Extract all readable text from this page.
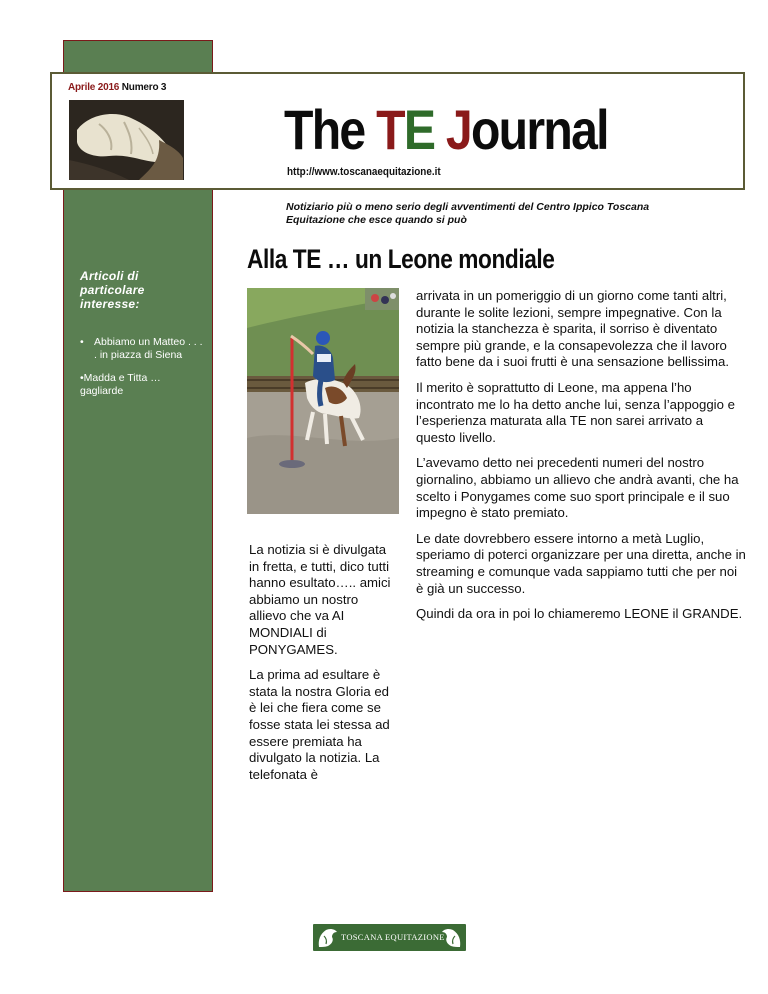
Aprile 2016 Numero 3
The TE Journal
http://www.toscanaequitazione.it
Notiziario più o meno serio degli avventimenti del Centro Ippico Toscana Equitazione che esce quando si può
Articoli di particolare interesse:
• Abbiamo un Matteo . . . . in piazza di Siena
•Madda e Titta … gagliarde
Alla TE … un Leone mondiale

La notizia si è divulgata in fretta, e tutti, dico tutti hanno esultato….. amici abbiamo un nostro allievo che va AI MONDIALI di PONYGAMES.

La prima ad esultare è stata la nostra Gloria ed è lei che fiera come se fosse stata lei stessa ad essere premiata ha divulgato la notizia. La telefonata è

arrivata in un pomeriggio di un giorno come tanti altri, durante le solite lezioni, sempre impegnative. Con la notizia la stanchezza è sparita, il sorriso è diventato sempre più grande, e la consapevolezza che il lavoro fatto bene da i suoi frutti è una sensazione bellissima.

Il merito è soprattutto di Leone, ma appena l’ho incontrato me lo ha detto anche lui, senza l’appoggio e l’esperienza maturata alla TE non sarei arrivato a questo livello.

L’avevamo detto nei precedenti numeri del nostro giornalino, abbiamo un allievo che andrà avanti, che ha scelto i Ponygames come suo sport principale e il suo impegno è stato premiato.

Le date dovrebbero essere intorno a metà Luglio, speriamo di poterci organizzare per una diretta, anche in streaming e comunque vada sappiamo tutti che per noi è già un successo.

Quindi da ora in poi lo chiameremo LEONE il GRANDE.

TOSCANA EQUITAZIONE
